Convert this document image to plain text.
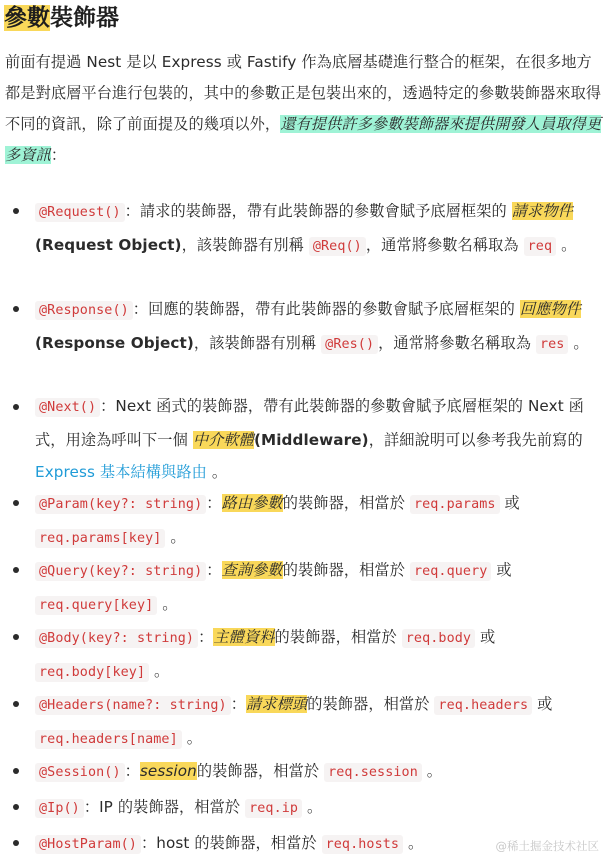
參數裝飾器

前面有提過 Nest 是以 Express 或 Fastify 作為底層基礎進行整合的框架，在很多地方都是對底層平台進行包裝的，其中的參數正是包裝出來的，透過特定的參數裝飾器來取得不同的資訊，除了前面提及的幾項以外，還有提供許多參數裝飾器來提供開發人員取得更多資訊：

@Request() ：請求的裝飾器，帶有此裝飾器的參數會賦予底層框架的 請求物件(Request Object)，該裝飾器有別稱 @Req() ，通常將參數名稱取為 req 。
@Response() ：回應的裝飾器，帶有此裝飾器的參數會賦予底層框架的 回應物件(Response Object)，該裝飾器有別稱 @Res() ，通常將參數名稱取為 res 。
@Next() ：Next 函式的裝飾器，帶有此裝飾器的參數會賦予底層框架的 Next 函式，用途為呼叫下一個 中介軟體(Middleware)，詳細說明可以參考我先前寫的 Express 基本結構與路由 。
@Param(key?: string) ：路由參數的裝飾器，相當於 req.params 或 req.params[key] 。
@Query(key?: string) ：查詢參數的裝飾器，相當於 req.query 或 req.query[key] 。
@Body(key?: string) ：主體資料的裝飾器，相當於 req.body 或 req.body[key] 。
@Headers(name?: string) ：請求標頭的裝飾器，相當於 req.headers 或 req.headers[name] 。
@Session() ：session的裝飾器，相當於 req.session 。
@Ip() ：IP 的裝飾器，相當於 req.ip 。
@HostParam() ：host 的裝飾器，相當於 req.hosts 。	@稀土掘金技术社区
